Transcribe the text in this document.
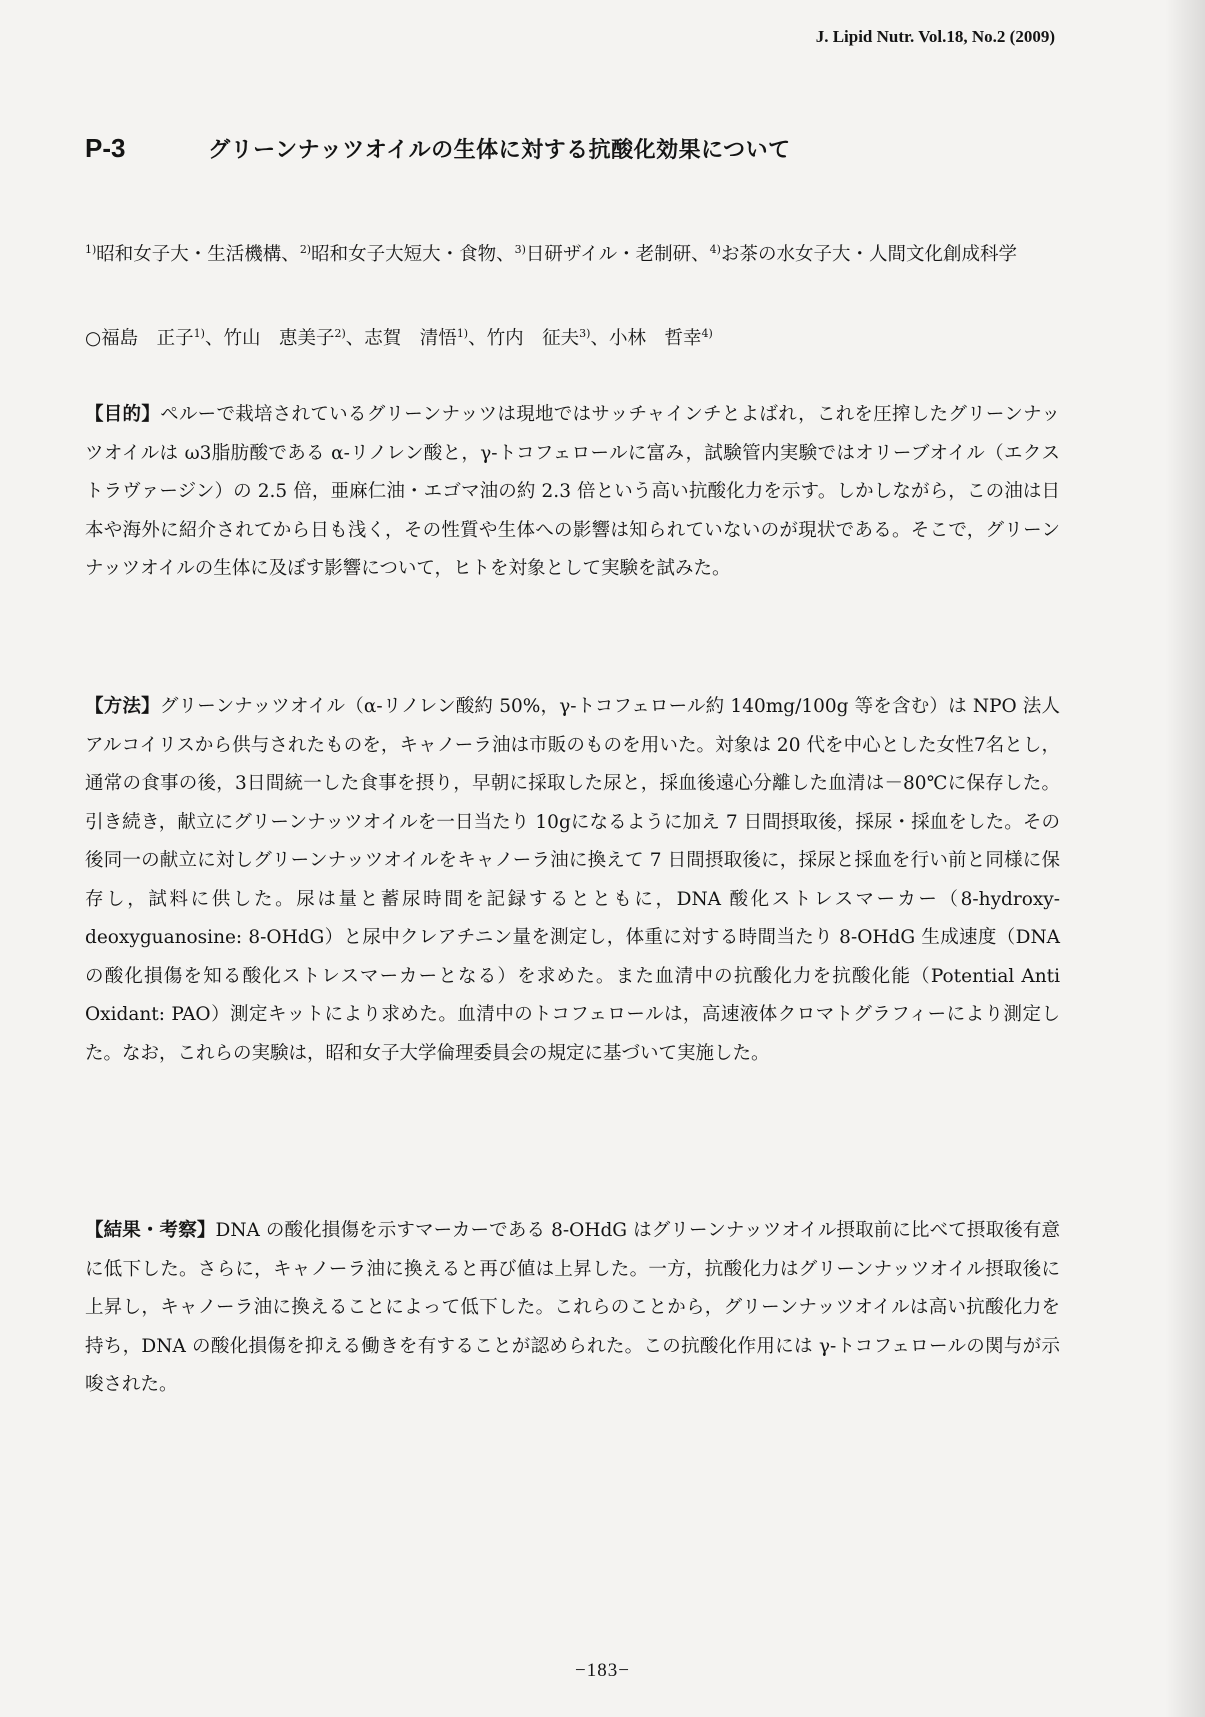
J. Lipid Nutr. Vol.18, No.2 (2009)
P-3	グリーンナッツオイルの生体に対する抗酸化効果について
$^{1)}$昭和女子大・生活機構、$^{2)}$昭和女子大短大・食物、$^{3)}$日研ザイル・老制研、$^{4)}$お茶の水女子大・人間文化創成科学
○福島　正子$^{1)}$、竹山　恵美子$^{2)}$、志賀　清悟$^{1)}$、竹内　征夫$^{3)}$、小林　哲幸$^{4)}$
【目的】ペルーで栽培されているグリーンナッツは現地ではサッチャインチとよばれ，これを圧搾したグリーンナッツオイルは ω3脂肪酸である α-リノレン酸と，γ-トコフェロールに富み，試験管内実験ではオリーブオイル（エクストラヴァージン）の 2.5 倍，亜麻仁油・エゴマ油の約 2.3 倍という高い抗酸化力を示す。しかしながら，この油は日本や海外に紹介されてから日も浅く，その性質や生体への影響は知られていないのが現状である。そこで，グリーンナッツオイルの生体に及ぼす影響について，ヒトを対象として実験を試みた。
【方法】グリーンナッツオイル（α-リノレン酸約 50%，γ-トコフェロール約 140mg/100g 等を含む）は NPO 法人アルコイリスから供与されたものを，キャノーラ油は市販のものを用いた。対象は 20 代を中心とした女性7名とし，通常の食事の後，3日間統一した食事を摂り，早朝に採取した尿と，採血後遠心分離した血清は－80℃に保存した。引き続き，献立にグリーンナッツオイルを一日当たり 10gになるように加え 7 日間摂取後，採尿・採血をした。その後同一の献立に対しグリーンナッツオイルをキャノーラ油に換えて 7 日間摂取後に，採尿と採血を行い前と同様に保存し，試料に供した。尿は量と蓄尿時間を記録するとともに，DNA 酸化ストレスマーカー（8-hydroxy-deoxyguanosine: 8-OHdG）と尿中クレアチニン量を測定し，体重に対する時間当たり 8-OHdG 生成速度（DNA の酸化損傷を知る酸化ストレスマーカーとなる）を求めた。また血清中の抗酸化力を抗酸化能（Potential Anti Oxidant: PAO）測定キットにより求めた。血清中のトコフェロールは，高速液体クロマトグラフィーにより測定した。なお，これらの実験は，昭和女子大学倫理委員会の規定に基づいて実施した。
【結果・考察】DNA の酸化損傷を示すマーカーである 8-OHdG はグリーンナッツオイル摂取前に比べて摂取後有意に低下した。さらに，キャノーラ油に換えると再び値は上昇した。一方，抗酸化力はグリーンナッツオイル摂取後に上昇し，キャノーラ油に換えることによって低下した。これらのことから，グリーンナッツオイルは高い抗酸化力を持ち，DNA の酸化損傷を抑える働きを有することが認められた。この抗酸化作用には γ-トコフェロールの関与が示唆された。
−183−
